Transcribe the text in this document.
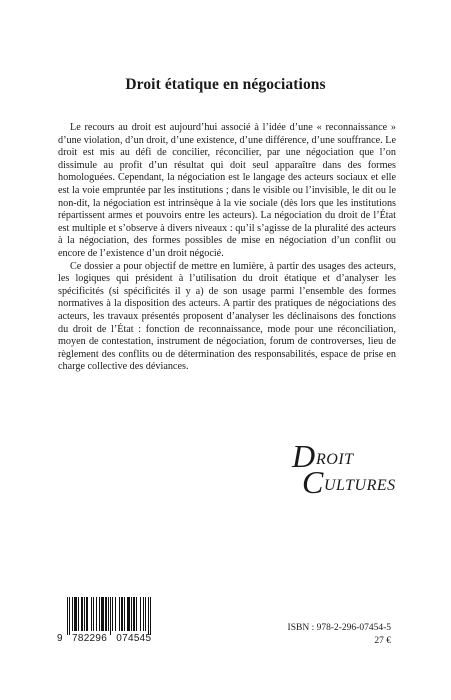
Droit étatique en négociations

Le recours au droit est aujourd’hui associé à l’idée d’une « reconnaissance » d’une violation, d’un droit, d’une existence, d’une différence, d’une souffrance. Le droit est mis au défi de concilier, réconcilier, par une négociation que l’on dissimule au profit d’un résultat qui doit seul apparaître dans des formes homologuées. Cependant, la négociation est le langage des acteurs sociaux et elle est la voie empruntée par les institutions ; dans le visible ou l’invisible, le dit ou le non-dit, la négociation est intrinsèque à la vie sociale (dès lors que les institutions répartissent armes et pouvoirs entre les acteurs). La négociation du droit de l’État est multiple et s’observe à divers niveaux : qu’il s’agisse de la pluralité des acteurs à la négociation, des formes possibles de mise en négociation d’un conflit ou encore de l’existence d’un droit négocié.

Ce dossier a pour objectif de mettre en lumière, à partir des usages des acteurs, les logiques qui président à l’utilisation du droit étatique et d’analyser les spécificités (si spécificités il y a) de son usage parmi l’ensemble des formes normatives à la disposition des acteurs. A partir des pratiques de négociations des acteurs, les travaux présentés proposent d’analyser les déclinaisons des fonctions du droit de l’État : fonction de reconnaissance, mode pour une réconciliation, moyen de contestation, instrument de négociation, forum de controverses, lieu de règlement des conflits ou de détermination des responsabilités, espace de prise en charge collective des déviances.

D ROIT
C ULTURES
9 782296 074545
ISBN : 978-2-296-07454-5
27 €
